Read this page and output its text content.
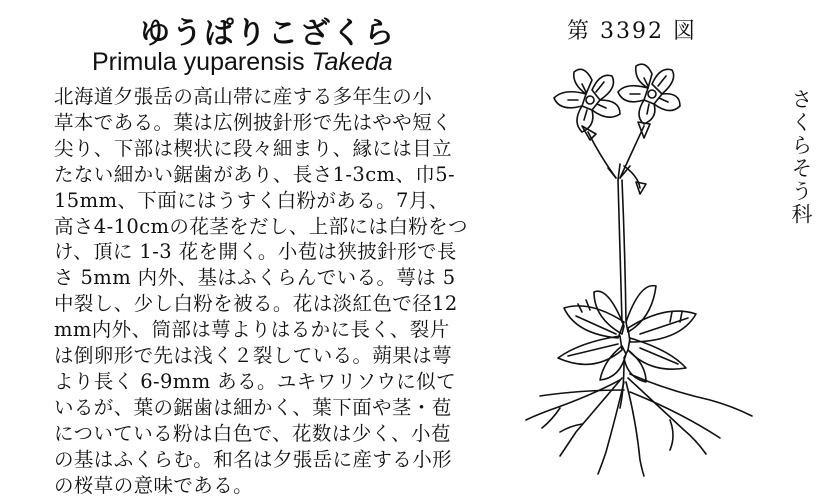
ゆうぱりこざくら
Primula yuparensis Takeda
北海道夕張岳の高山帯に産する多年生の小
草本である。葉は広例披針形で先はやや短く
尖り、下部は楔状に段々細まり、縁には目立
たない細かい鋸歯があり、長さ1-3cm、巾5-
15mm、下面にはうすく白粉がある。7月、
高さ4-10cmの花茎をだし、上部には白粉をつ
け、頂に 1-3 花を開く。小苞は狭披針形で長
さ 5mm 内外、基はふくらんでいる。萼は 5
中裂し、少し白粉を被る。花は淡紅色で径12
mm内外、筒部は萼よりはるかに長く、裂片
は倒卵形で先は浅く２裂している。蒴果は萼
より長く 6-9mm ある。ユキワリソウに似て
いるが、葉の鋸歯は細かく、葉下面や茎・苞
についている粉は白色で、花数は少く、小苞
の基はふくらむ。和名は夕張岳に産する小形
の桜草の意味である。
第 3392 図
さくらそう科
